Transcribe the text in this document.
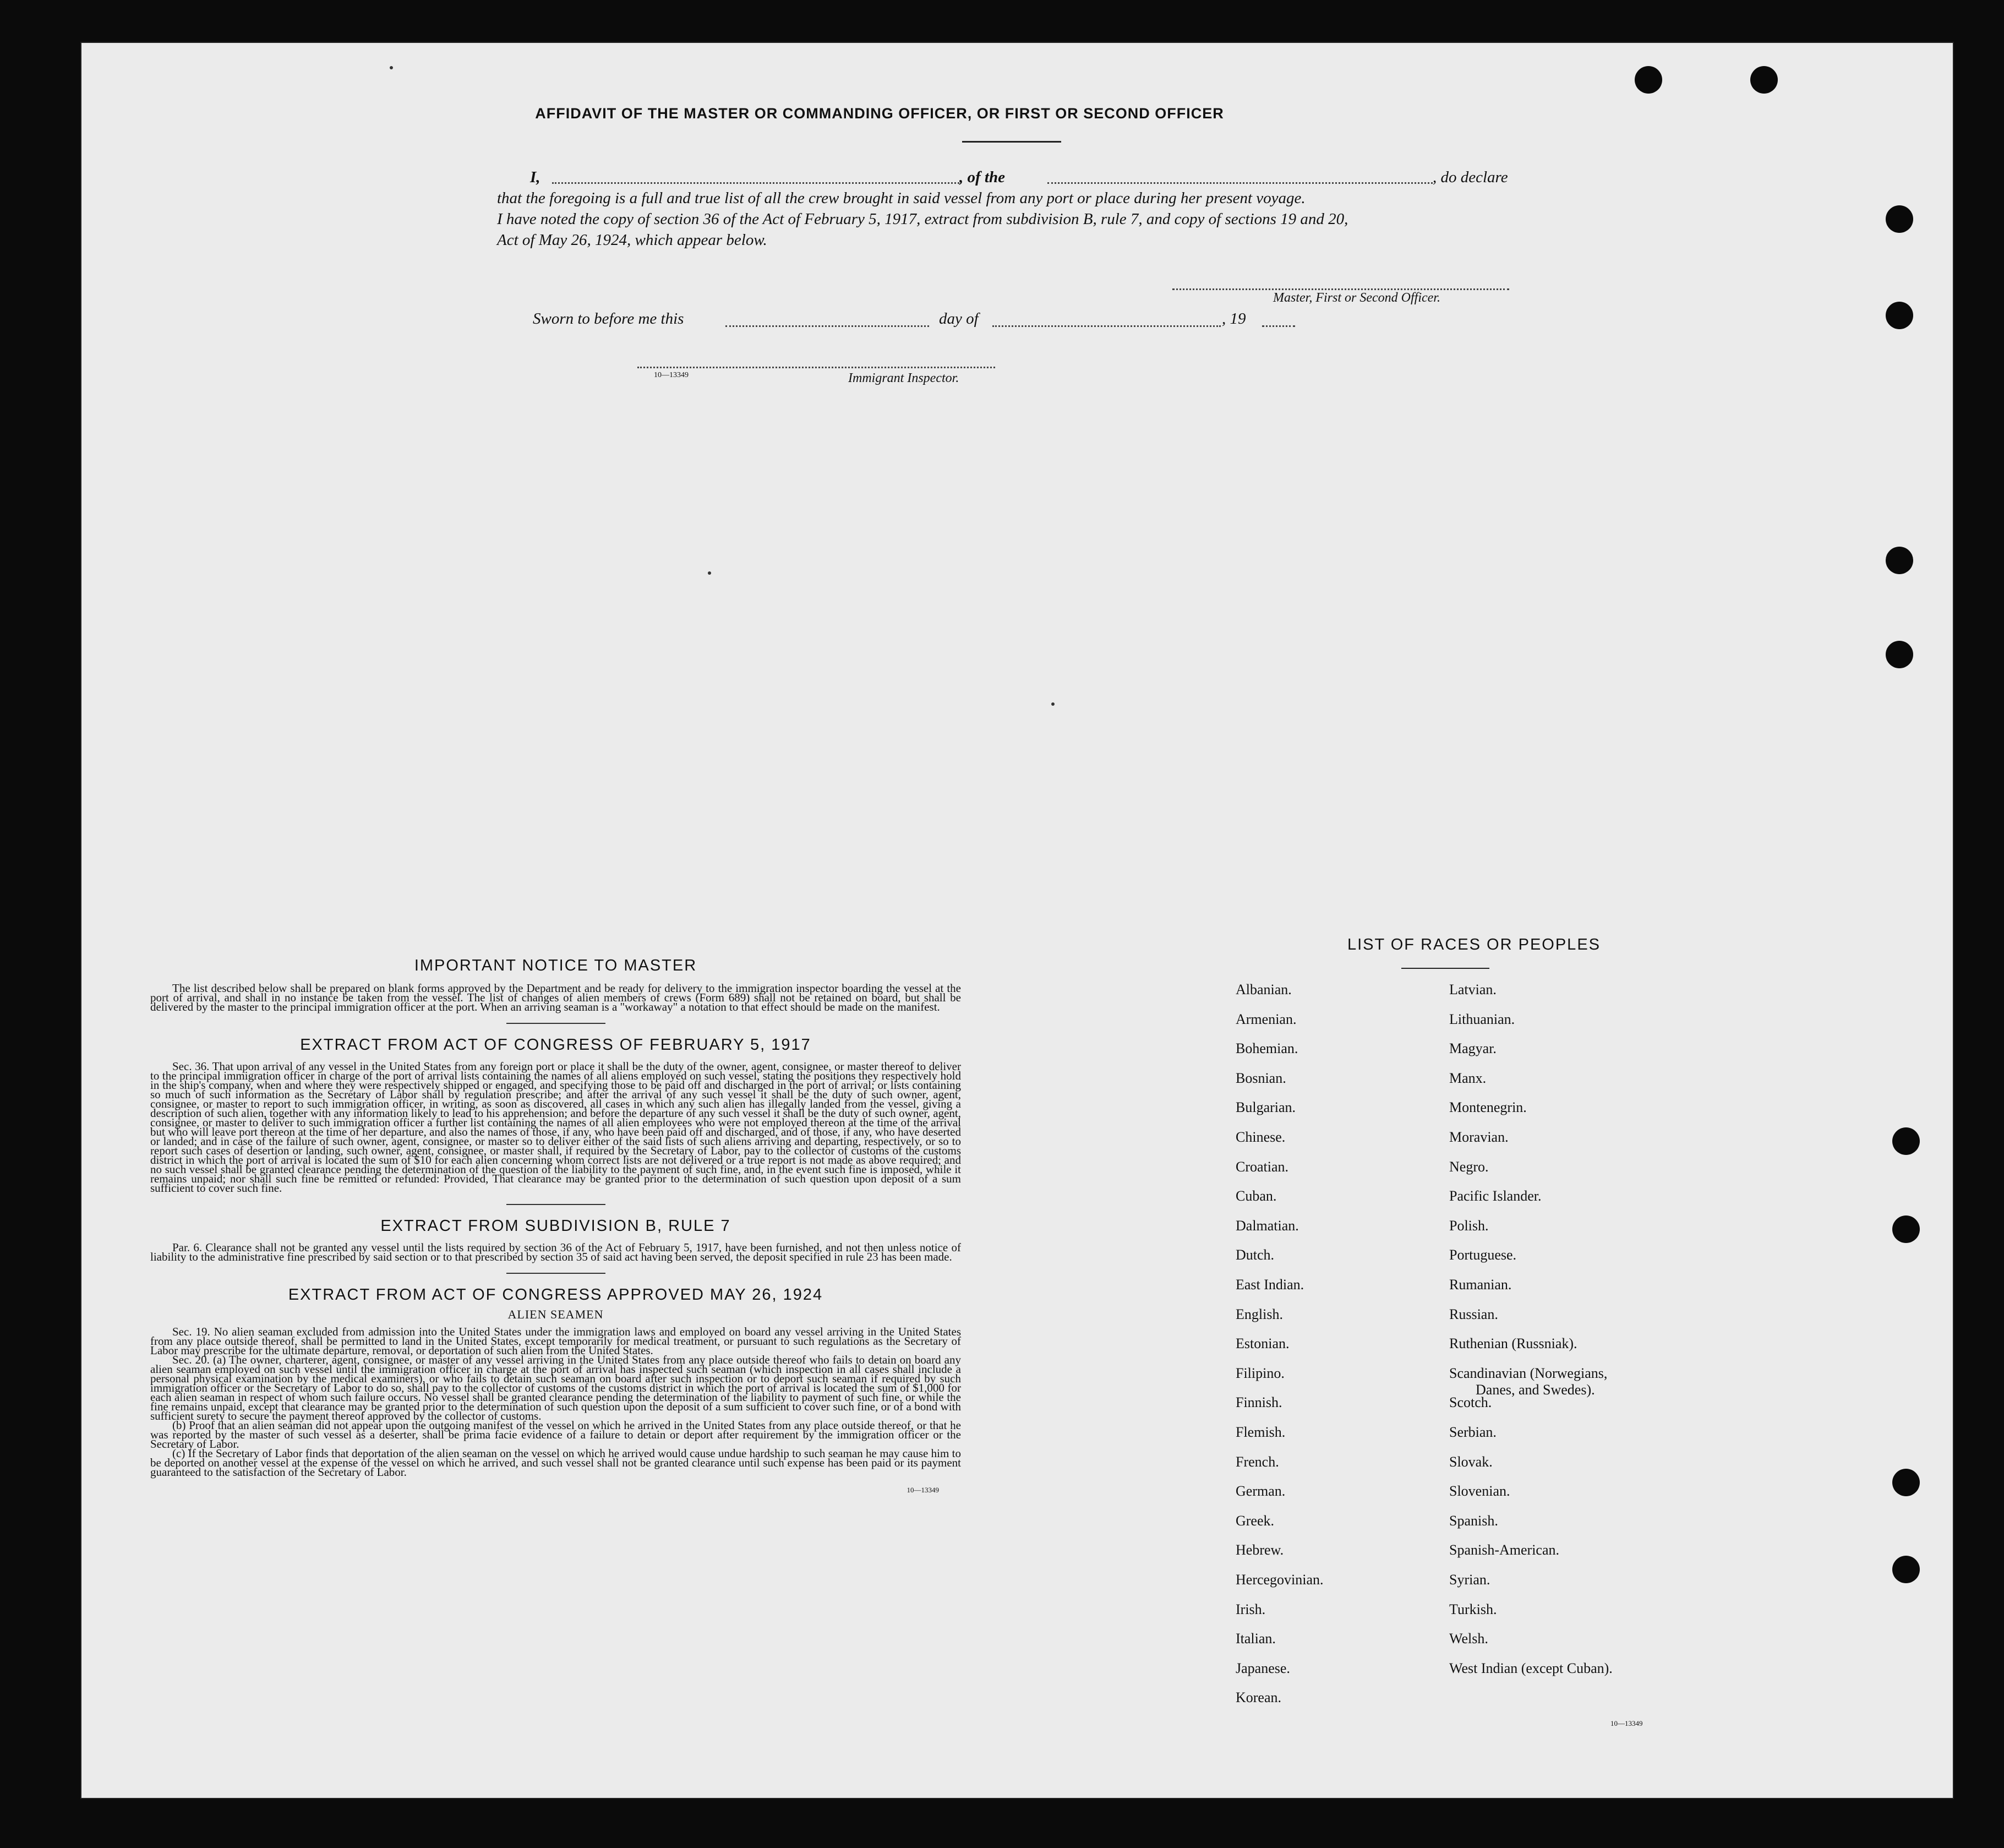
AFFIDAVIT OF THE MASTER OR COMMANDING OFFICER, OR FIRST OR SECOND OFFICER
I,	, of the	, do declare
that the foregoing is a full and true list of all the crew brought in said vessel from any port or place during her present voyage.
I have noted the copy of section 36 of the Act of February 5, 1917, extract from subdivision B, rule 7, and copy of sections 19 and 20,
Act of May 26, 1924, which appear below.
Master, First or Second Officer.
Sworn to before me this	day of	, 19
10—13349	Immigrant Inspector.
IMPORTANT NOTICE TO MASTER

The list described below shall be prepared on blank forms approved by the Department and be ready for delivery to the immigration inspector boarding the vessel at the port of arrival, and shall in no instance be taken from the vessel. The list of changes of alien members of crews (Form 689) shall not be retained on board, but shall be delivered by the master to the principal immigration officer at the port. When an arriving seaman is a "workaway" a notation to that effect should be made on the manifest.

EXTRACT FROM ACT OF CONGRESS OF FEBRUARY 5, 1917

Sec. 36. That upon arrival of any vessel in the United States from any foreign port or place it shall be the duty of the owner, agent, consignee, or master thereof to deliver to the principal immigration officer in charge of the port of arrival lists containing the names of all aliens employed on such vessel, stating the positions they respectively hold in the ship's company, when and where they were respectively shipped or engaged, and specifying those to be paid off and discharged in the port of arrival; or lists containing so much of such information as the Secretary of Labor shall by regulation prescribe; and after the arrival of any such vessel it shall be the duty of such owner, agent, consignee, or master to report to such immigration officer, in writing, as soon as discovered, all cases in which any such alien has illegally landed from the vessel, giving a description of such alien, together with any information likely to lead to his apprehension; and before the departure of any such vessel it shall be the duty of such owner, agent, consignee, or master to deliver to such immigration officer a further list containing the names of all alien employees who were not employed thereon at the time of the arrival but who will leave port thereon at the time of her departure, and also the names of those, if any, who have been paid off and discharged, and of those, if any, who have deserted or landed; and in case of the failure of such owner, agent, consignee, or master so to deliver either of the said lists of such aliens arriving and departing, respectively, or so to report such cases of desertion or landing, such owner, agent, consignee, or master shall, if required by the Secretary of Labor, pay to the collector of customs of the customs district in which the port of arrival is located the sum of $10 for each alien concerning whom correct lists are not delivered or a true report is not made as above required; and no such vessel shall be granted clearance pending the determination of the question of the liability to the payment of such fine, and, in the event such fine is imposed, while it remains unpaid; nor shall such fine be remitted or refunded: Provided, That clearance may be granted prior to the determination of such question upon deposit of a sum sufficient to cover such fine.

EXTRACT FROM SUBDIVISION B, RULE 7

Par. 6. Clearance shall not be granted any vessel until the lists required by section 36 of the Act of February 5, 1917, have been furnished, and not then unless notice of liability to the administrative fine prescribed by said section or to that prescribed by section 35 of said act having been served, the deposit specified in rule 23 has been made.

EXTRACT FROM ACT OF CONGRESS APPROVED MAY 26, 1924
ALIEN SEAMEN

Sec. 19. No alien seaman excluded from admission into the United States under the immigration laws and employed on board any vessel arriving in the United States from any place outside thereof, shall be permitted to land in the United States, except temporarily for medical treatment, or pursuant to such regulations as the Secretary of Labor may prescribe for the ultimate departure, removal, or deportation of such alien from the United States.

Sec. 20. (a) The owner, charterer, agent, consignee, or master of any vessel arriving in the United States from any place outside thereof who fails to detain on board any alien seaman employed on such vessel until the immigration officer in charge at the port of arrival has inspected such seaman (which inspection in all cases shall include a personal physical examination by the medical examiners), or who fails to detain such seaman on board after such inspection or to deport such seaman if required by such immigration officer or the Secretary of Labor to do so, shall pay to the collector of customs of the customs district in which the port of arrival is located the sum of $1,000 for each alien seaman in respect of whom such failure occurs. No vessel shall be granted clearance pending the determination of the liability to payment of such fine, or while the fine remains unpaid, except that clearance may be granted prior to the determination of such question upon the deposit of a sum sufficient to cover such fine, or of a bond with sufficient surety to secure the payment thereof approved by the collector of customs.

(b) Proof that an alien seaman did not appear upon the outgoing manifest of the vessel on which he arrived in the United States from any place outside thereof, or that he was reported by the master of such vessel as a deserter, shall be prima facie evidence of a failure to detain or deport after requirement by the immigration officer or the Secretary of Labor.

(c) If the Secretary of Labor finds that deportation of the alien seaman on the vessel on which he arrived would cause undue hardship to such seaman he may cause him to be deported on another vessel at the expense of the vessel on which he arrived, and such vessel shall not be granted clearance until such expense has been paid or its payment guaranteed to the satisfaction of the Secretary of Labor.

10—13349
LIST OF RACES OR PEOPLES
10—13349
Albanian.
Armenian.
Bohemian.
Bosnian.
Bulgarian.
Chinese.
Croatian.
Cuban.
Dalmatian.
Dutch.
East Indian.
English.
Estonian.
Filipino.
Finnish.
Flemish.
French.
German.
Greek.
Hebrew.
Hercegovinian.
Irish.
Italian.
Japanese.
Korean.
Latvian.
Lithuanian.
Magyar.
Manx.
Montenegrin.
Moravian.
Negro.
Pacific Islander.
Polish.
Portuguese.
Rumanian.
Russian.
Ruthenian (Russniak).
Scandinavian (Norwegians,
Danes, and Swedes).
Scotch.
Serbian.
Slovak.
Slovenian.
Spanish.
Spanish-American.
Syrian.
Turkish.
Welsh.
West Indian (except Cuban).
